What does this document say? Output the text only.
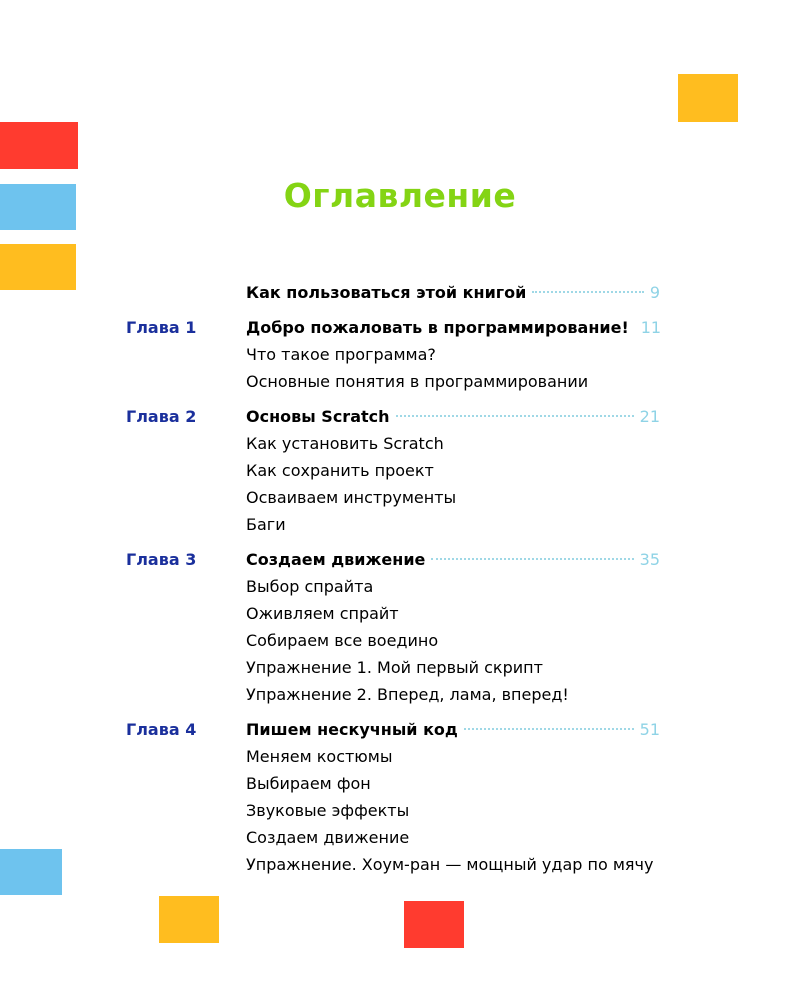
Оглавление
Как пользоваться этой книгой	9
Глава 1	Добро пожаловать в программирование! 11
Что такое программа?
Основные понятия в программировании
Глава 2	Основы Scratch	21
Как установить Scratch
Как сохранить проект
Осваиваем инструменты
Баги
Глава 3	Создаем движение	35
Выбор спрайта
Оживляем спрайт
Собираем все воедино
Упражнение 1. Мой первый скрипт
Упражнение 2. Вперед, лама, вперед!
Глава 4	Пишем нескучный код	51
Меняем костюмы
Выбираем фон
Звуковые эффекты
Создаем движение
Упражнение. Хоум-ран — мощный удар по мячу
